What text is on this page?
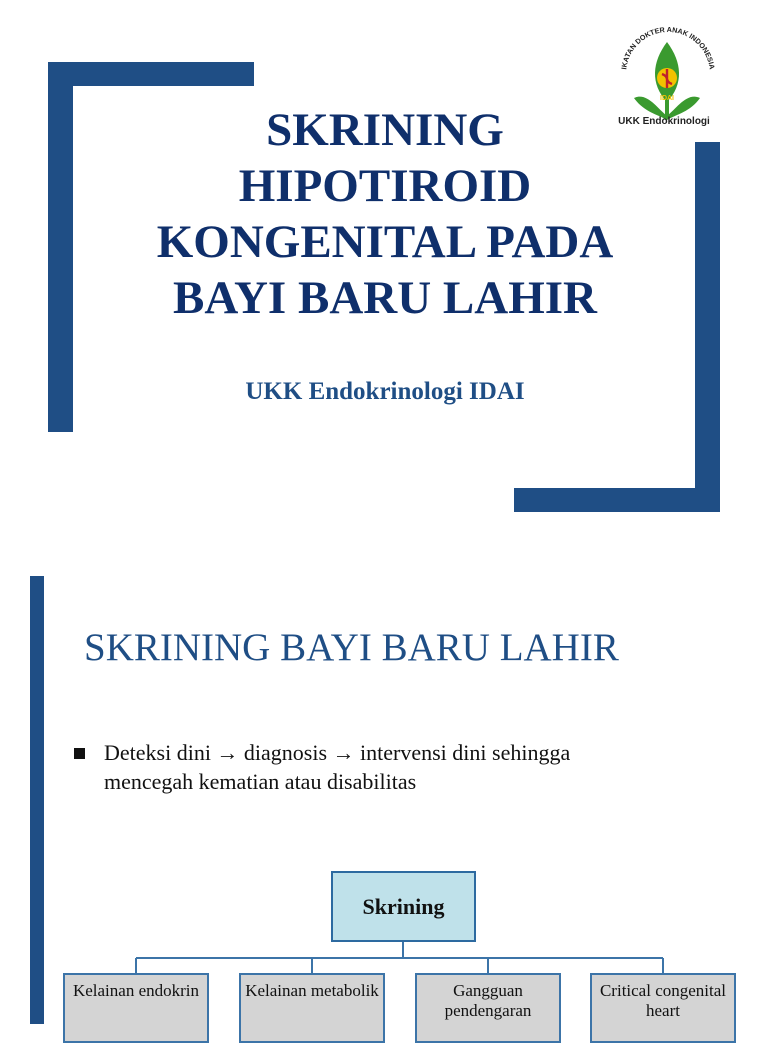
IKATAN DOKTER ANAK INDONESIA
IDAI
UKK Endokrinologi
SKRINING
HIPOTIROID
KONGENITAL PADA
BAYI BARU LAHIR

UKK Endokrinologi IDAI

SKRINING BAYI BARU LAHIR
Deteksi dini → diagnosis → intervensi dini sehingga
mencegah kematian atau disabilitas
Skrining
Kelainan endokrin	Kelainan metabolik	Gangguan pendengaran
Critical congenital heart
